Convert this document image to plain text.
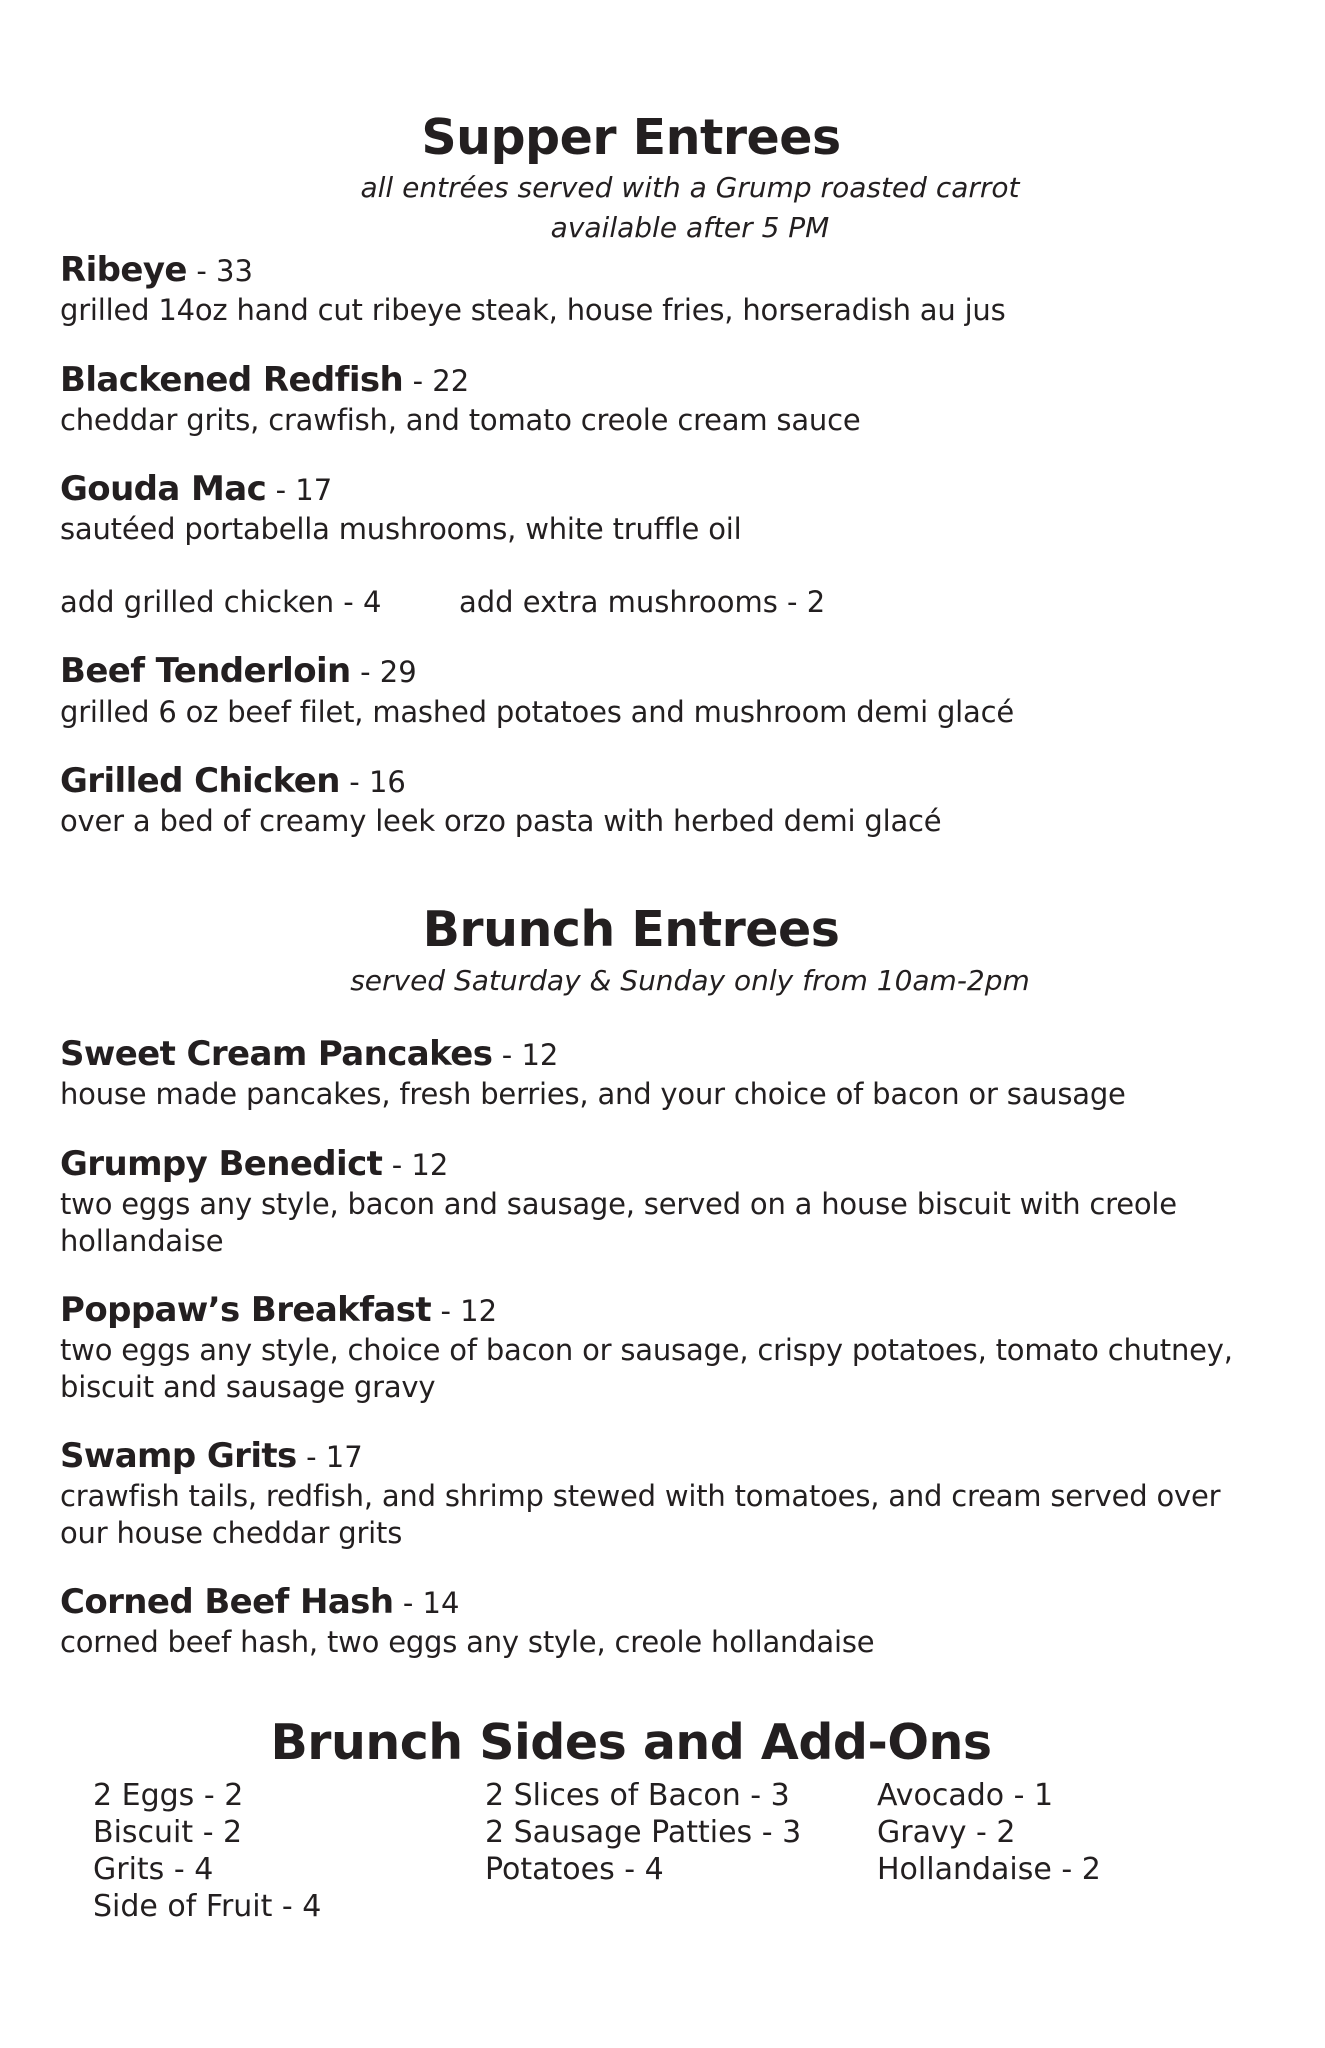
Supper Entrees
all entrées served with a Grump roasted carrot
available after 5 PM
Ribeye - 33
grilled 14oz hand cut ribeye steak, house fries, horseradish au jus
Blackened Redfish - 22
cheddar grits, crawfish, and tomato creole cream sauce
Gouda Mac - 17
sautéed portabella mushrooms, white truffle oil
add grilled chicken - 4	add extra mushrooms - 2
Beef Tenderloin - 29
grilled 6 oz beef filet, mashed potatoes and mushroom demi glacé
Grilled Chicken - 16
over a bed of creamy leek orzo pasta with herbed demi glacé
Brunch Entrees
served Saturday & Sunday only from 10am-2pm
Sweet Cream Pancakes - 12
house made pancakes, fresh berries, and your choice of bacon or sausage
Grumpy Benedict - 12
two eggs any style, bacon and sausage, served on a house biscuit with creole hollandaise
Poppaw’s Breakfast - 12
two eggs any style, choice of bacon or sausage, crispy potatoes, tomato chutney, biscuit and sausage gravy
Swamp Grits - 17
crawfish tails, redfish, and shrimp stewed with tomatoes, and cream served over our house cheddar grits
Corned Beef Hash - 14
corned beef hash, two eggs any style, creole hollandaise
Brunch Sides and Add-Ons
2 Eggs - 2
Biscuit - 2
Grits - 4
Side of Fruit - 4
2 Slices of Bacon - 3
2 Sausage Patties - 3
Potatoes - 4
Avocado - 1
Gravy - 2
Hollandaise - 2
